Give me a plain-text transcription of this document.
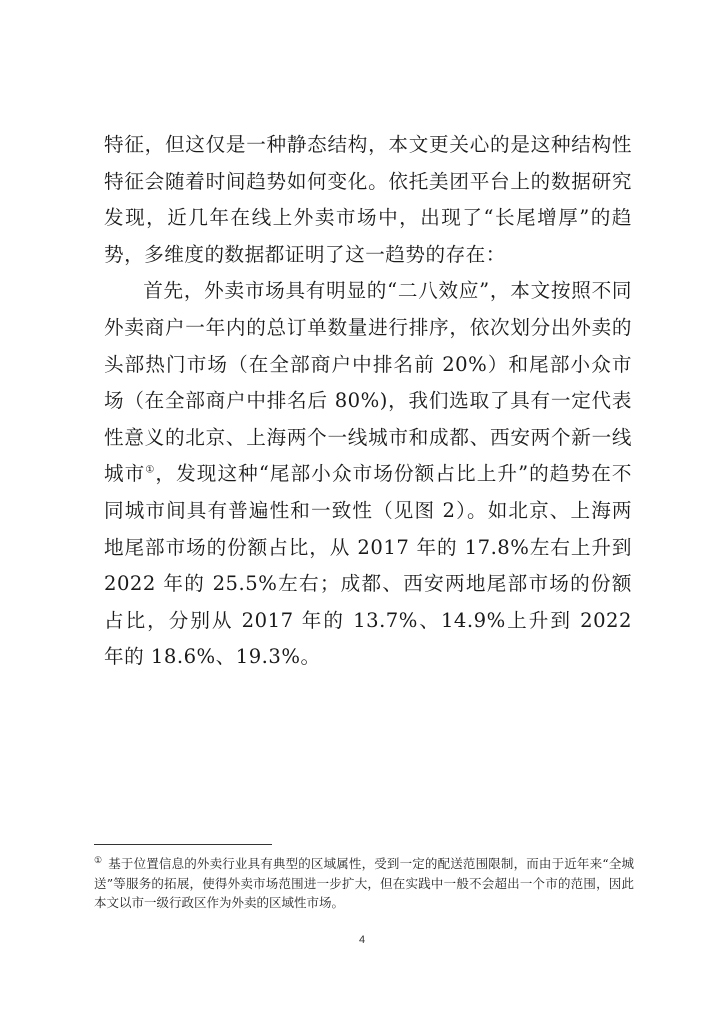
特征，但这仅是一种静态结构，本文更关心的是这种结构性特征会随着时间趋势如何变化。依托美团平台上的数据研究发现，近几年在线上外卖市场中，出现了“长尾增厚”的趋势，多维度的数据都证明了这一趋势的存在：

首先，外卖市场具有明显的“二八效应”，本文按照不同外卖商户一年内的总订单数量进行排序，依次划分出外卖的头部热门市场（在全部商户中排名前 20%）和尾部小众市场（在全部商户中排名后 80%)，我们选取了具有一定代表性意义的北京、上海两个一线城市和成都、西安两个新一线城市①，发现这种“尾部小众市场份额占比上升”的趋势在不同城市间具有普遍性和一致性（见图 2）。如北京、上海两地尾部市场的份额占比，从 2017 年的 17.8%左右上升到 2022 年的 25.5%左右；成都、西安两地尾部市场的份额占比，分别从 2017 年的 13.7%、14.9%上升到 2022 年的 18.6%、19.3%。

① 基于位置信息的外卖行业具有典型的区域属性，受到一定的配送范围限制，而由于近年来“全城送”等服务的拓展，使得外卖市场范围进一步扩大，但在实践中一般不会超出一个市的范围，因此本文以市一级行政区作为外卖的区域性市场。
4
